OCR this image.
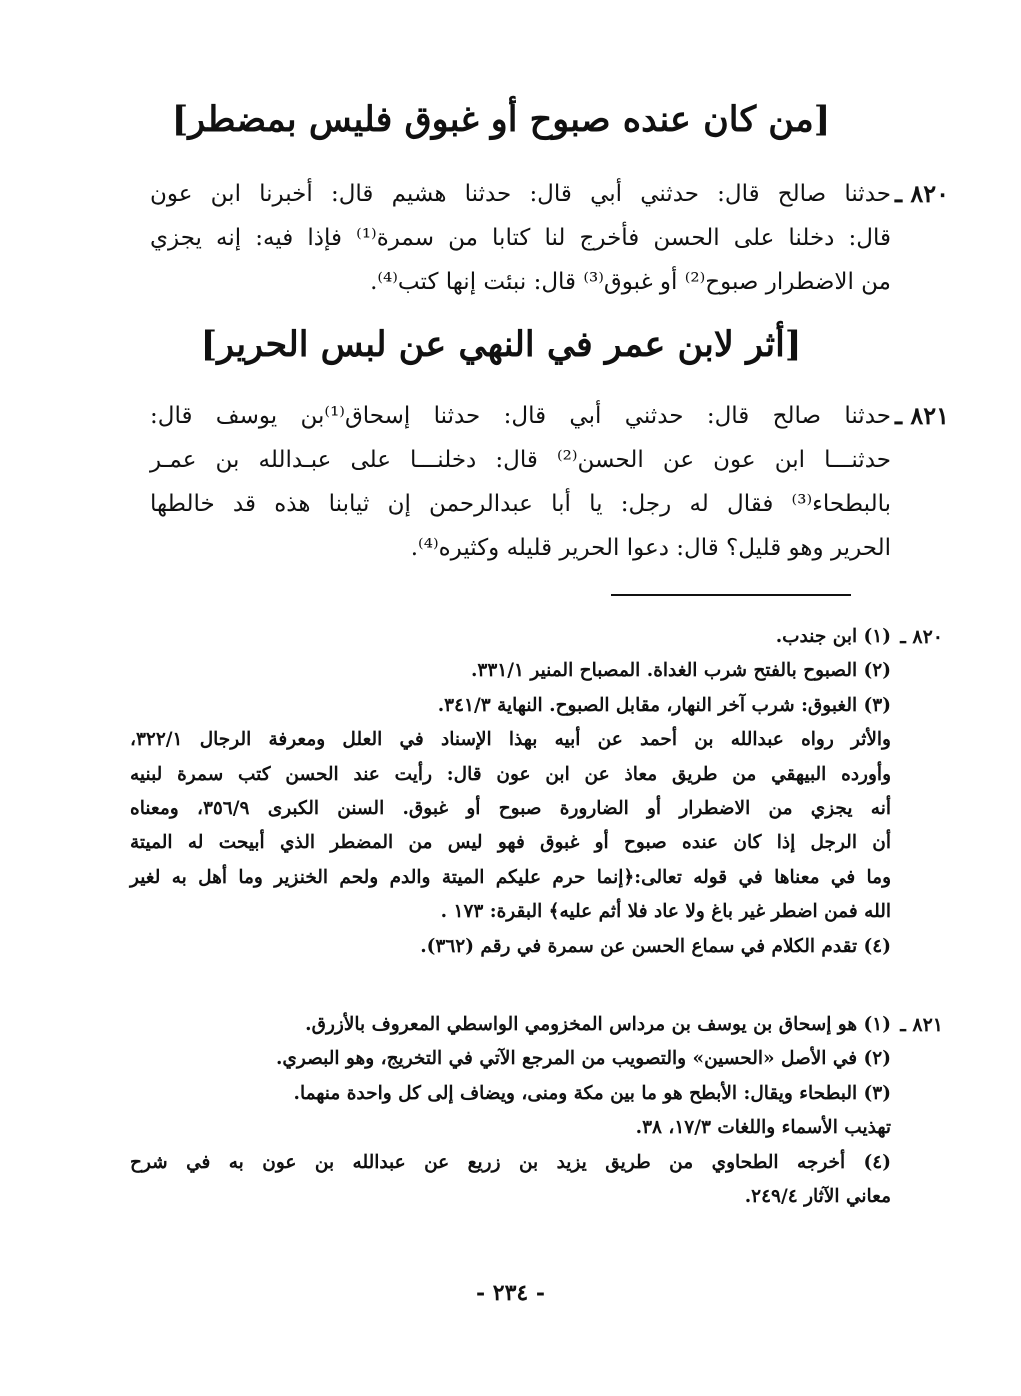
[من كان عنده صبوح أو غبوق فليس بمضطر]
٨٢٠ ـ
حدثنا صالح قال: حدثني أبي قال: حدثنا هشيم قال: أخبرنا ابن عون
قال: دخلنا على الحسن فأخرج لنا كتابا من سمرة⁽¹⁾ فإذا فيه: إنه يجزي
من الاضطرار صبوح⁽²⁾ أو غبوق⁽³⁾ قال: نبئت إنها كتب⁽⁴⁾.
[أثر لابن عمر في النهي عن لبس الحرير]
٨٢١ ـ
حدثنا صالح قال: حدثني أبي قال: حدثنا إسحاق⁽¹⁾بن يوسف قال:
حدثنـــا ابن عون عن الحسن⁽²⁾ قال: دخلنـــا على عبـدالله بن عمـر
بالبطحاء⁽³⁾ فقال له رجل: يا أبا عبدالرحمن إن ثيابنا هذه قد خالطها
الحرير وهو قليل؟ قال: دعوا الحرير قليله وكثيره⁽⁴⁾.
٨٢٠ ـ
(١) ابن جندب.
(٢) الصبوح بالفتح شرب الغداة. المصباح المنير ٣٣١/١.
(٣) الغبوق: شرب آخر النهار، مقابل الصبوح. النهاية ٣٤١/٣.
والأثر رواه عبدالله بن أحمد عن أبيه بهذا الإسناد في العلل ومعرفة الرجال ٣٢٢/١،
وأورده البيهقي من طريق معاذ عن ابن عون قال: رأيت عند الحسن كتب سمرة لبنيه
أنه يجزي من الاضطرار أو الضارورة صبوح أو غبوق. السنن الكبرى ٣٥٦/٩، ومعناه
أن الرجل إذا كان عنده صبوح أو غبوق فهو ليس من المضطر الذي أبيحت له الميتة
وما في معناها في قوله تعالى:﴿إنما حرم عليكم الميتة والدم ولحم الخنزير وما أهل به لغير
الله فمن اضطر غير باغ ولا عاد فلا أثم عليه﴾ البقرة: ١٧٣ .
(٤) تقدم الكلام في سماع الحسن عن سمرة في رقم (٣٦٢).
٨٢١ ـ
(١) هو إسحاق بن يوسف بن مرداس المخزومي الواسطي المعروف بالأزرق.
(٢) في الأصل «الحسين» والتصويب من المرجع الآتي في التخريج، وهو البصري.
(٣) البطحاء ويقال: الأبطح هو ما بين مكة ومنى، ويضاف إلى كل واحدة منهما.
تهذيب الأسماء واللغات ١٧/٣، ٣٨.
(٤) أخرجه الطحاوي من طريق يزيد بن زريع عن عبدالله بن عون به في شرح
معاني الآثار ٢٤٩/٤.
- ٢٣٤ -
